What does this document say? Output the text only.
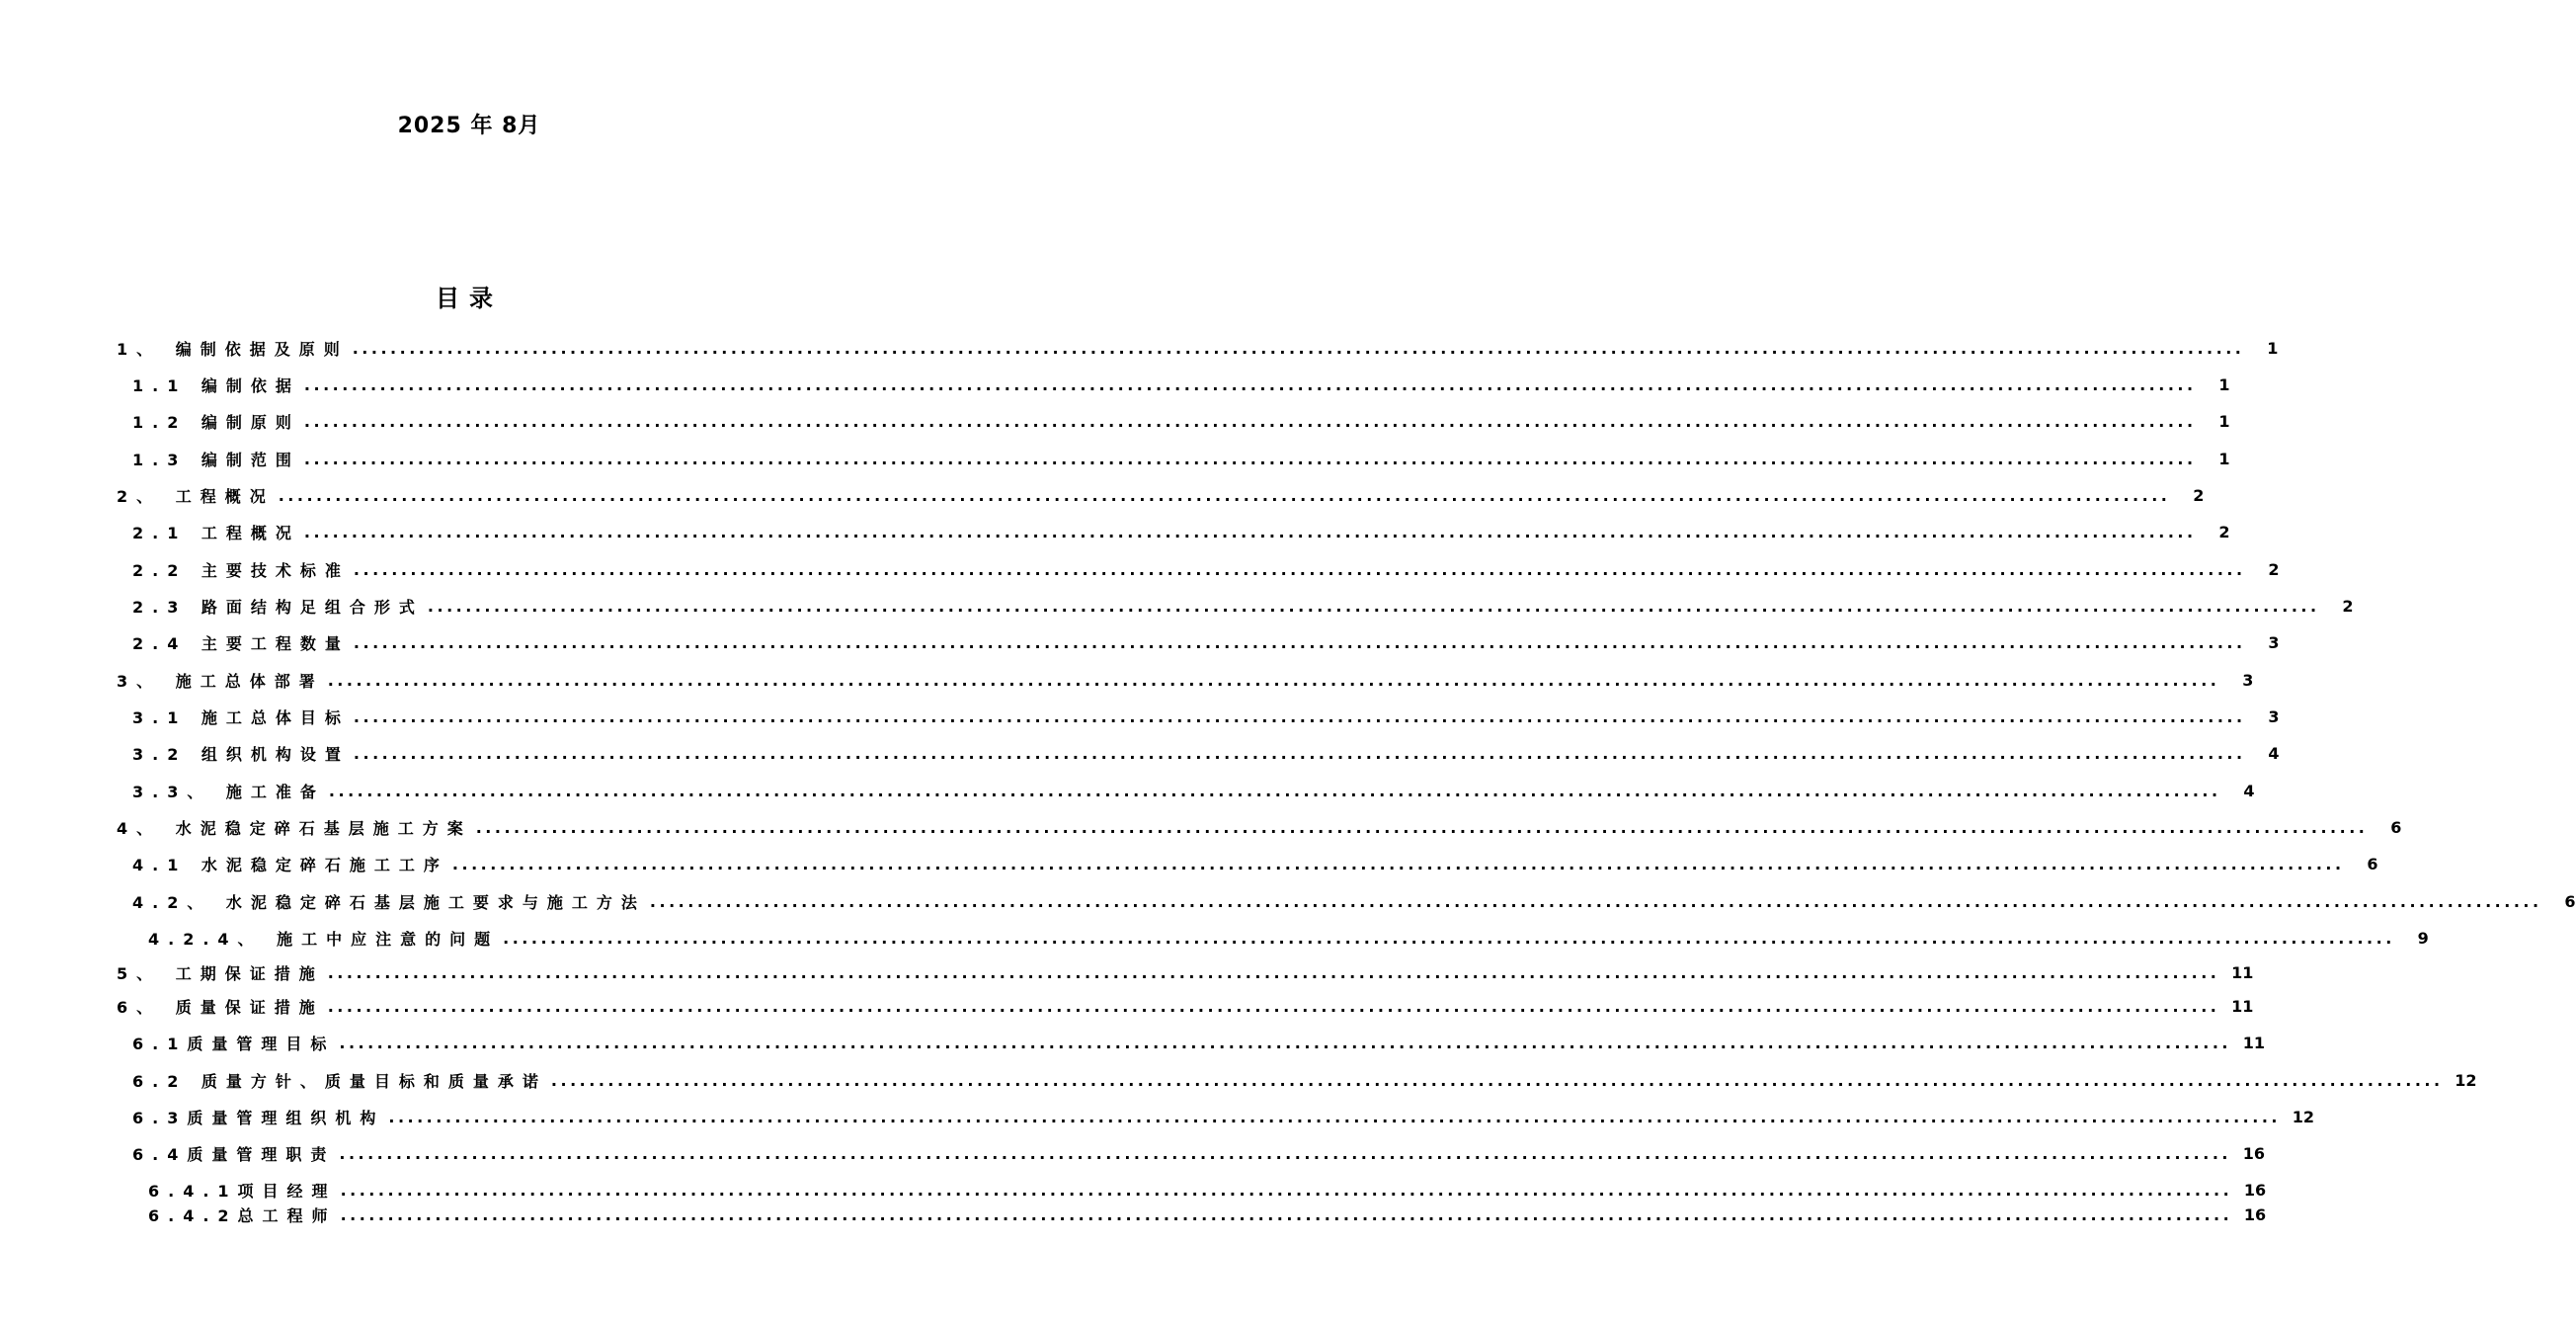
2025 年 8月
目录
1、 编制依据及原则 ........................................................................................................................................................................................................	1
1.1 编制依据 ........................................................................................................................................................................................................	1
1.2 编制原则 ........................................................................................................................................................................................................	1
1.3 编制范围 ........................................................................................................................................................................................................	1
2、 工程概况 ........................................................................................................................................................................................................	2
2.1 工程概况 ........................................................................................................................................................................................................	2
2.2 主要技术标准 ........................................................................................................................................................................................................	2
2.3 路面结构足组合形式 ........................................................................................................................................................................................................	2
2.4 主要工程数量 ........................................................................................................................................................................................................	3
3、 施工总体部署 ........................................................................................................................................................................................................	3
3.1 施工总体目标 ........................................................................................................................................................................................................	3
3.2 组织机构设置 ........................................................................................................................................................................................................	4
3.3、 施工准备 ........................................................................................................................................................................................................	4
4、 水泥稳定碎石基层施工方案 ........................................................................................................................................................................................................	6
4.1 水泥稳定碎石施工工序 ........................................................................................................................................................................................................	6
4.2、 水泥稳定碎石基层施工要求与施工方法 ........................................................................................................................................................................................................	6
4.2.4、 施工中应注意的问题 ........................................................................................................................................................................................................	9
5、 工期保证措施 ........................................................................................................................................................................................................ 11
6、 质量保证措施 ........................................................................................................................................................................................................ 11
6.1质量管理目标 ........................................................................................................................................................................................................ 11
6.2 质量方针、质量目标和质量承诺 ........................................................................................................................................................................................................ 12
6.3质量管理组织机构 ........................................................................................................................................................................................................ 12
6.4质量管理职责 ........................................................................................................................................................................................................ 16
6.4.1项目经理 ........................................................................................................................................................................................................ 16
6.4.2总工程师 ........................................................................................................................................................................................................ 16
